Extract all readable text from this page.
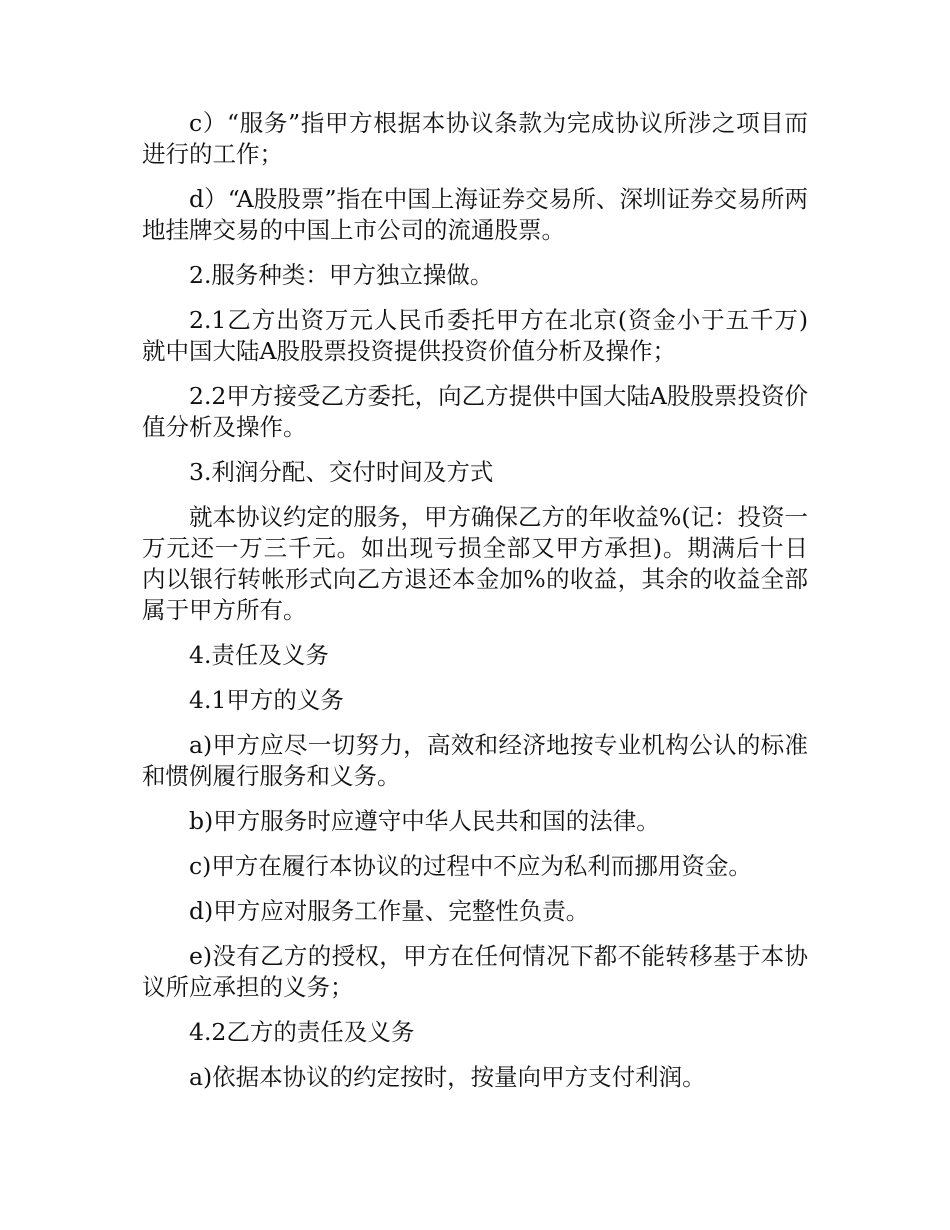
c）“服务”指甲方根据本协议条款为完成协议所涉之项目而进行的工作；

d）“A股股票”指在中国上海证券交易所、深圳证券交易所两地挂牌交易的中国上市公司的流通股票。

2.服务种类：甲方独立操做。

2.1乙方出资万元人民币委托甲方在北京(资金小于五千万)就中国大陆A股股票投资提供投资价值分析及操作；

2.2甲方接受乙方委托，向乙方提供中国大陆A股股票投资价值分析及操作。

3.利润分配、交付时间及方式

就本协议约定的服务，甲方确保乙方的年收益%(记：投资一万元还一万三千元。如出现亏损全部又甲方承担)。期满后十日内以银行转帐形式向乙方退还本金加%的收益，其余的收益全部属于甲方所有。

4.责任及义务

4.1甲方的义务

a)甲方应尽一切努力，高效和经济地按专业机构公认的标准和惯例履行服务和义务。

b)甲方服务时应遵守中华人民共和国的法律。

c)甲方在履行本协议的过程中不应为私利而挪用资金。

d)甲方应对服务工作量、完整性负责。

e)没有乙方的授权，甲方在任何情况下都不能转移基于本协议所应承担的义务；

4.2乙方的责任及义务

a)依据本协议的约定按时，按量向甲方支付利润。
